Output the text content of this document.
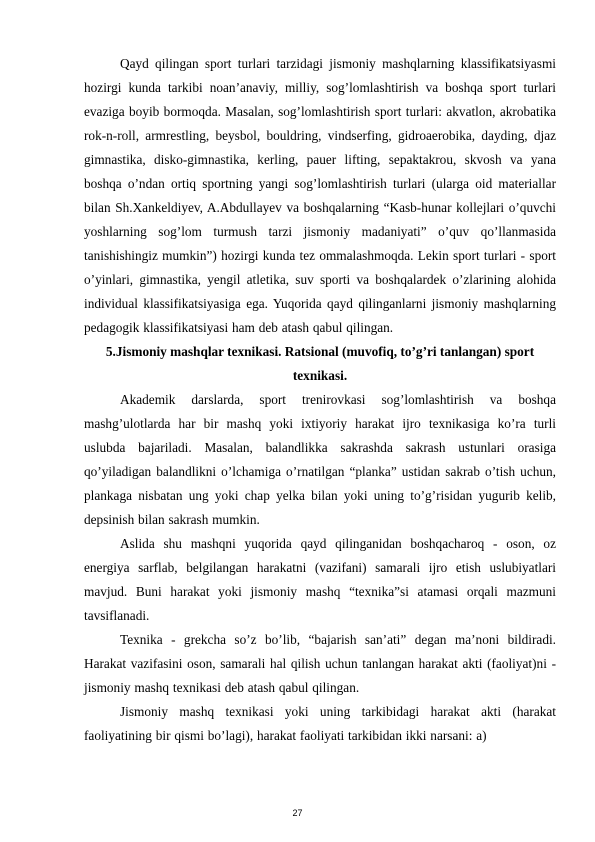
Qayd qilingan sport turlari tarzidagi jismoniy mashqlarning klassifikatsiyasmi hozirgi kunda tarkibi noan’anaviy, milliy, sog’lomlashtirish va boshqa sport turlari evaziga boyib bormoqda. Masalan, sog’lomlashtirish sport turlari: akvatlon, akrobatika rok-n-roll, armrestling, beysbol, bouldring, vindserfing, gidroaerobika, dayding, djaz gimnastika, disko-gimnastika, kerling, pauer lifting, sepaktakrou, skvosh va yana boshqa o’ndan ortiq sportning yangi sog’lomlashtirish turlari (ularga oid materiallar bilan Sh.Xankeldiyev, A.Abdullayev va boshqalarning “Kasb-hunar kollejlari o’quvchi yoshlarning sog’lom turmush tarzi jismoniy madaniyati” o’quv qo’llanmasida tanishishingiz mumkin”) hozirgi kunda tez ommalashmoqda. Lekin sport turlari - sport o’yinlari, gimnastika, yengil atletika, suv sporti va boshqalardek o’zlarining alohida individual klassifikatsiyasiga ega. Yuqorida qayd qilinganlarni jismoniy mashqlarning pedagogik klassifikatsiyasi ham deb atash qabul qilingan.

5.Jismoniy mashqlar texnikasi. Ratsional (muvofiq, to’g’ri tanlangan) sport texnikasi.

Akademik darslarda, sport trenirovkasi sog’lomlashtirish va boshqa mashg’ulotlarda har bir mashq yoki ixtiyoriy harakat ijro texnikasiga ko’ra turli uslubda bajariladi. Masalan, balandlikka sakrashda sakrash ustunlari orasiga qo’yiladigan balandlikni o’lchamiga o’rnatilgan “planka” ustidan sakrab o’tish uchun, plankaga nisbatan ung yoki chap yelka bilan yoki uning to’g’risidan yugurib kelib, depsinish bilan sakrash mumkin.

Aslida shu mashqni yuqorida qayd qilinganidan boshqacharoq - oson, oz energiya sarflab, belgilangan harakatni (vazifani) samarali ijro etish uslubiyatlari mavjud. Buni harakat yoki jismoniy mashq “texnika”si atamasi orqali mazmuni tavsiflanadi.

Texnika - grekcha so’z bo’lib, “bajarish san’ati” degan ma’noni bildiradi. Harakat vazifasini oson, samarali hal qilish uchun tanlangan harakat akti (faoliyat)ni - jismoniy mashq texnikasi deb atash qabul qilingan.

Jismoniy mashq texnikasi yoki uning tarkibidagi harakat akti (harakat faoliyatining bir qismi bo’lagi), harakat faoliyati tarkibidan ikki narsani: a)

27
